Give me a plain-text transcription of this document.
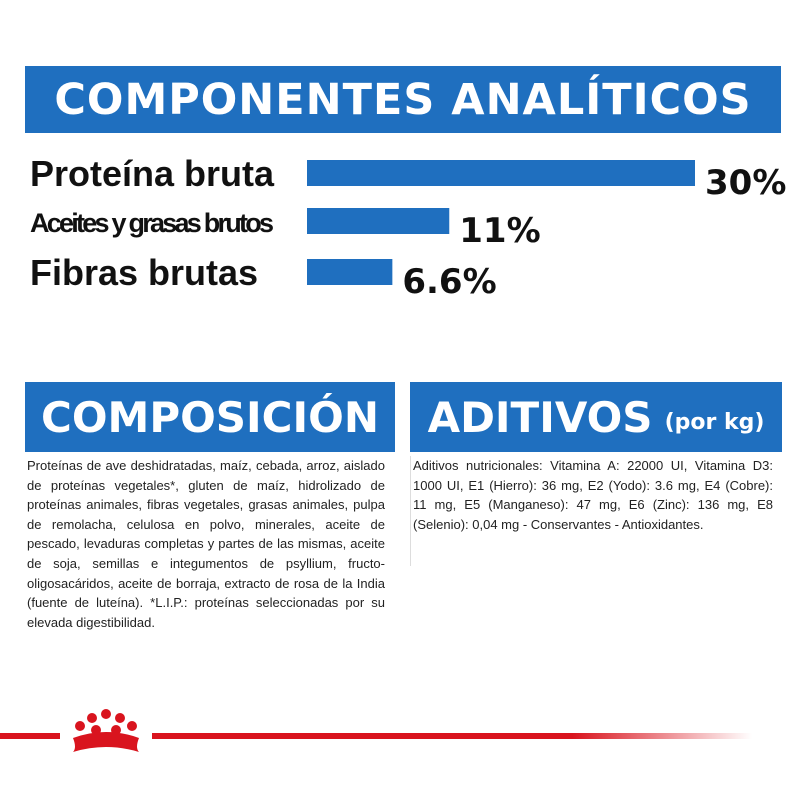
COMPONENTES ANALÍTICOS
Proteína bruta	30%
Aceites y grasas brutos	11%
Fibras brutas	6.6%
COMPOSICIÓN ADITIVOS (por kg)
Proteínas de ave deshidratadas, maíz, cebada, arroz, aislado de proteínas vegetales*, gluten de maíz, hidrolizado de proteínas animales, fibras vegetales, grasas animales, pulpa de remolacha, celulosa en polvo, minerales, aceite de pescado, levaduras completas y partes de las mismas, aceite de soja, semillas e integumentos de psyllium, fructo-oligosacáridos, aceite de borraja, extracto de rosa de la India (fuente de luteína). *L.I.P.: proteínas seleccionadas por su elevada digestibilidad.
Aditivos nutricionales: Vitamina A: 22000 UI, Vitamina D3: 1000 UI, E1 (Hierro): 36 mg, E2 (Yodo): 3.6 mg, E4 (Cobre): 11 mg, E5 (Manganeso): 47 mg, E6 (Zinc): 136 mg, E8 (Selenio): 0,04 mg - Conservantes - Antioxidantes.
